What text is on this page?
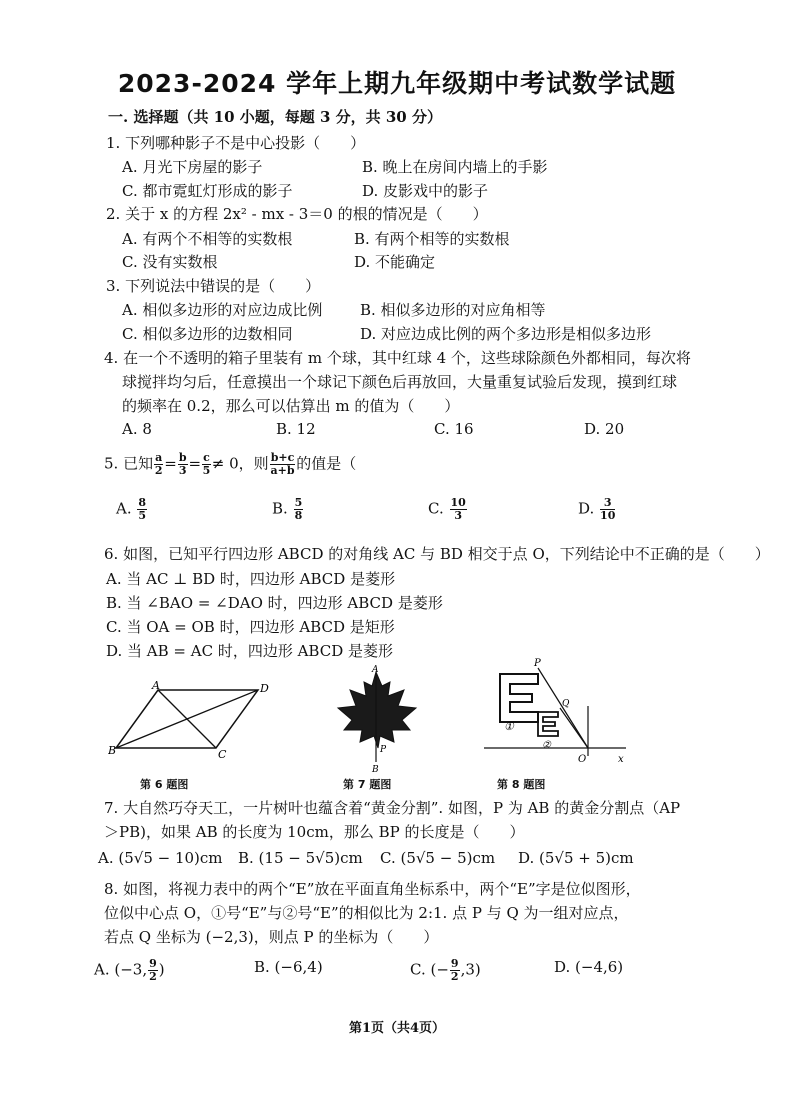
2023-2024 学年上期九年级期中考试数学试题
一. 选择题（共 10 小题，每题 3 分，共 30 分）
1. 下列哪种影子不是中心投影（　　）
A. 月光下房屋的影子	B. 晚上在房间内墙上的手影
C. 都市霓虹灯形成的影子	D. 皮影戏中的影子
2. 关于 x 的方程 2x² - mx - 3＝0 的根的情况是（　　）
A. 有两个不相等的实数根	B. 有两个相等的实数根
C. 没有实数根	D. 不能确定
3. 下列说法中错误的是（　　）
A. 相似多边形的对应边成比例	B. 相似多边形的对应角相等
C. 相似多边形的边数相同	D. 对应边成比例的两个多边形是相似多边形
4. 在一个不透明的箱子里装有 m 个球，其中红球 4 个，这些球除颜色外都相同，每次将
球搅拌均匀后，任意摸出一个球记下颜色后再放回，大量重复试验后发现，摸到红球
的频率在 0.2，那么可以估算出 m 的值为（　　）
A. 8	B. 12	C. 16	D. 20
5. 已知 $\frac{a}{2} = \frac{b}{3} = \frac{c}{5} \ne 0$，则 $\frac{b+c}{a+b}$ 的值是（
A. $\frac{8}{5}$	B. $\frac{5}{8}$	C. $\frac{10}{3}$	D. $\frac{3}{10}$
6. 如图，已知平行四边形 ABCD 的对角线 AC 与 BD 相交于点 O，下列结论中不正确的是（　　）
A. 当 AC ⊥ BD 时，四边形 ABCD 是菱形
B. 当 ∠BAO = ∠DAO 时，四边形 ABCD 是菱形
C. 当 OA = OB 时，四边形 ABCD 是矩形
D. 当 AB = AC 时，四边形 ABCD 是菱形
A	D
B	C
第 6 题图
A
P
B
第 7 题图
P
Q
O	x
①
②
第 8 题图
7. 大自然巧夺天工，一片树叶也蕴含着“黄金分割”. 如图，P 为 AB 的黄金分割点（AP
＞PB)，如果 AB 的长度为 10cm，那么 BP 的长度是（　　）
A. (5√5 − 10)cm B. (15 − 5√5)cm C. (5√5 − 5)cm D. (5√5 + 5)cm
8. 如图，将视力表中的两个“E”放在平面直角坐标系中，两个“E”字是位似图形，
位似中心点 O，①号“E”与②号“E”的相似比为 2:1. 点 P 与 Q 为一组对应点，
若点 Q 坐标为 (−2,3)，则点 P 的坐标为（　　）
A. (−3, $\frac{9}{2}$ )	B. (−6,4)	C. (− $\frac{9}{2} ,3$)	D. (−4,6)
第1页（共4页）
